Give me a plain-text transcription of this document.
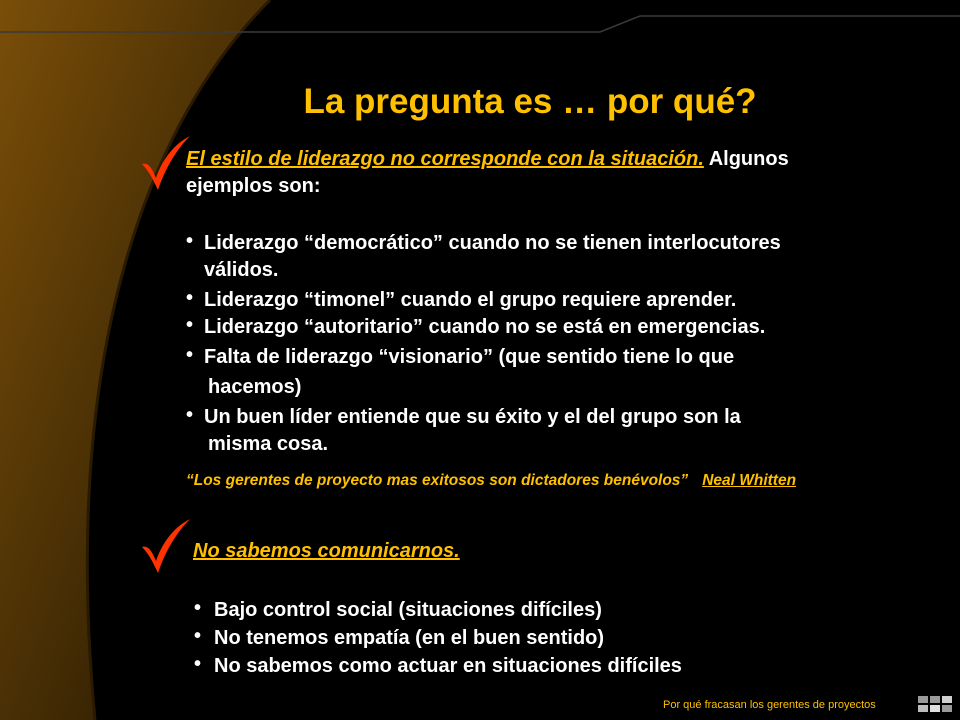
La pregunta es … por qué?
El estilo de liderazgo no corresponde con la situación. Algunos
ejemplos son:
• Liderazgo “democrático” cuando no se tienen interlocutores
válidos.
• Liderazgo “timonel” cuando el grupo requiere aprender.
• Liderazgo “autoritario” cuando no se está en emergencias.
• Falta de liderazgo “visionario” (que sentido tiene lo que
hacemos)
• Un buen líder entiende que su éxito y el del grupo son la
misma cosa.
“Los gerentes de proyecto mas exitosos son dictadores benévolos” Neal Whitten
No sabemos comunicarnos.
• Bajo control social (situaciones difíciles)
• No tenemos empatía (en el buen sentido)
• No sabemos como actuar en situaciones difíciles
Por qué fracasan los gerentes de proyectos
